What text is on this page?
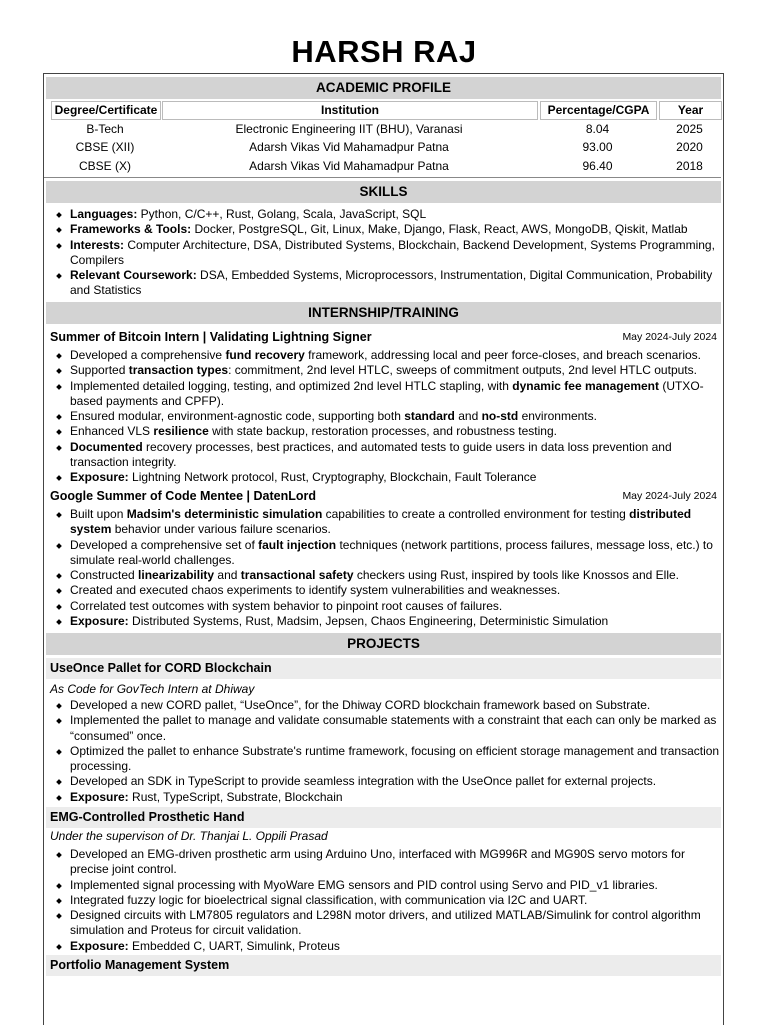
HARSH RAJ
ACADEMIC PROFILE
Degree/Certificate	Institution	Percentage/CGPA	Year
B-Tech	Electronic Engineering IIT (BHU), Varanasi	8.04	2025
CBSE (XII)	Adarsh Vikas Vid Mahamadpur Patna	93.00	2020
CBSE (X)	Adarsh Vikas Vid Mahamadpur Patna	96.40	2018
SKILLS
Languages: Python, C/C++, Rust, Golang, Scala, JavaScript, SQL
Frameworks & Tools: Docker, PostgreSQL, Git, Linux, Make, Django, Flask, React, AWS, MongoDB, Qiskit, Matlab
Interests: Computer Architecture, DSA, Distributed Systems, Blockchain, Backend Development, Systems Programming, Compilers
Relevant Coursework: DSA, Embedded Systems, Microprocessors, Instrumentation, Digital Communication, Probability and Statistics
INTERNSHIP/TRAINING
Summer of Bitcoin Intern | Validating Lightning Signer	May 2024-July 2024
Developed a comprehensive fund recovery framework, addressing local and peer force-closes, and breach scenarios.
Supported transaction types: commitment, 2nd level HTLC, sweeps of commitment outputs, 2nd level HTLC outputs.
Implemented detailed logging, testing, and optimized 2nd level HTLC stapling, with dynamic fee management (UTXO-based payments and CPFP).
Ensured modular, environment-agnostic code, supporting both standard and no-std environments.
Enhanced VLS resilience with state backup, restoration processes, and robustness testing.
Documented recovery processes, best practices, and automated tests to guide users in data loss prevention and transaction integrity.
Exposure: Lightning Network protocol, Rust, Cryptography, Blockchain, Fault Tolerance
Google Summer of Code Mentee | DatenLord	May 2024-July 2024
Built upon Madsim's deterministic simulation capabilities to create a controlled environment for testing distributed system behavior under various failure scenarios.
Developed a comprehensive set of fault injection techniques (network partitions, process failures, message loss, etc.) to simulate real-world challenges.
Constructed linearizability and transactional safety checkers using Rust, inspired by tools like Knossos and Elle.
Created and executed chaos experiments to identify system vulnerabilities and weaknesses.
Correlated test outcomes with system behavior to pinpoint root causes of failures.
Exposure: Distributed Systems, Rust, Madsim, Jepsen, Chaos Engineering, Deterministic Simulation
PROJECTS
UseOnce Pallet for CORD Blockchain
As Code for GovTech Intern at Dhiway
Developed a new CORD pallet, “UseOnce”, for the Dhiway CORD blockchain framework based on Substrate.
Implemented the pallet to manage and validate consumable statements with a constraint that each can only be marked as “consumed” once.
Optimized the pallet to enhance Substrate's runtime framework, focusing on efficient storage management and transaction processing.
Developed an SDK in TypeScript to provide seamless integration with the UseOnce pallet for external projects.
Exposure: Rust, TypeScript, Substrate, Blockchain
EMG-Controlled Prosthetic Hand
Under the supervison of Dr. Thanjai L. Oppili Prasad
Developed an EMG-driven prosthetic arm using Arduino Uno, interfaced with MG996R and MG90S servo motors for precise joint control.
Implemented signal processing with MyoWare EMG sensors and PID control using Servo and PID_v1 libraries.
Integrated fuzzy logic for bioelectrical signal classification, with communication via I2C and UART.
Designed circuits with LM7805 regulators and L298N motor drivers, and utilized MATLAB/Simulink for control algorithm simulation and Proteus for circuit validation.
Exposure: Embedded C, UART, Simulink, Proteus
Portfolio Management System
